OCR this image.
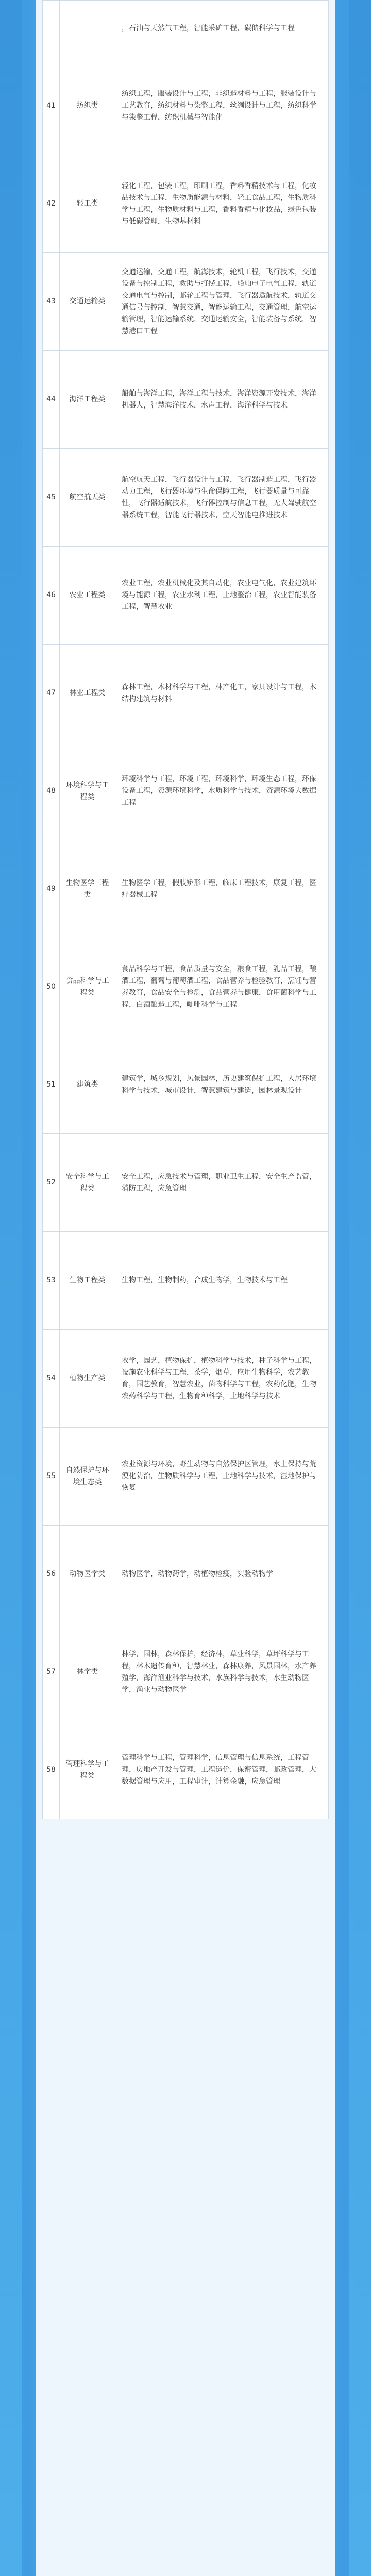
		，石油与天然气工程，智能采矿工程，碳储科学与工程
41	纺织类	纺织工程，服装设计与工程，非织造材料与工程，服装设计与工艺教育，纺织材料与染整工程，丝绸设计与工程，纺织科学与染整工程，纺织机械与智能化
42	轻工类	轻化工程，包装工程，印刷工程，香料香精技术与工程，化妆品技术与工程，生物质能源与材料，轻工食品工程，生物质科学与工程，生物质材料与工程，香料香精与化妆品，绿色包装与低碳管理，生物基材料
43	交通运输类	交通运输，交通工程，航海技术，轮机工程，飞行技术，交通设备与控制工程，救助与打捞工程，船舶电子电气工程，轨道交通电气与控制，邮轮工程与管理，飞行器适航技术，轨道交通信号与控制，智慧交通，智能运输工程，交通管理，航空运输管理，智能运输系统，交通运输安全，智能装备与系统，智慧港口工程
44	海洋工程类	船舶与海洋工程，海洋工程与技术，海洋资源开发技术，海洋机器人，智慧海洋技术，水声工程，海洋科学与技术
45	航空航天类	航空航天工程，飞行器设计与工程，飞行器制造工程，飞行器动力工程，飞行器环境与生命保障工程，飞行器质量与可靠性，飞行器适航技术，飞行器控制与信息工程，无人驾驶航空器系统工程，智能飞行器技术，空天智能电推进技术
46	农业工程类	农业工程，农业机械化及其自动化，农业电气化，农业建筑环境与能源工程，农业水利工程，土地整治工程，农业智能装备工程，智慧农业
47	林业工程类	森林工程，木材科学与工程，林产化工，家具设计与工程，木结构建筑与材料
48	环境科学与工程类	环境科学与工程，环境工程，环境科学，环境生态工程，环保设备工程，资源环境科学，水质科学与技术，资源环境大数据工程
49	生物医学工程类	生物医学工程，假肢矫形工程，临床工程技术，康复工程，医疗器械工程
50	食品科学与工程类	食品科学与工程，食品质量与安全，粮食工程，乳品工程，酿酒工程，葡萄与葡萄酒工程，食品营养与检验教育，烹饪与营养教育，食品安全与检测，食品营养与健康，食用菌科学与工程，白酒酿造工程，咖啡科学与工程
51	建筑类	建筑学，城乡规划，风景园林，历史建筑保护工程，人居环境科学与技术，城市设计，智慧建筑与建造，园林景观设计
52	安全科学与工程类	安全工程，应急技术与管理，职业卫生工程，安全生产监管，消防工程，应急管理
53	生物工程类	生物工程，生物制药，合成生物学，生物技术与工程
54	植物生产类	农学，园艺，植物保护，植物科学与技术，种子科学与工程，设施农业科学与工程，茶学，烟草，应用生物科学，农艺教育，园艺教育，智慧农业，菌物科学与工程，农药化肥，生物农药科学与工程，生物育种科学，土地科学与技术
55	自然保护与环境生态类	农业资源与环境，野生动物与自然保护区管理，水土保持与荒漠化防治，生物质科学与工程，土地科学与技术，湿地保护与恢复
56	动物医学类	动物医学，动物药学，动植物检疫，实验动物学
57	林学类	林学，园林，森林保护，经济林，草业科学，草坪科学与工程，林木遗传育种，智慧林业，森林康养，风景园林，水产养殖学，海洋渔业科学与技术，水族科学与技术，水生动物医学，渔业与动物医学
58	管理科学与工程类	管理科学与工程，管理科学，信息管理与信息系统，工程管理，房地产开发与管理，工程造价，保密管理，邮政管理，大数据管理与应用，工程审计，计算金融，应急管理
